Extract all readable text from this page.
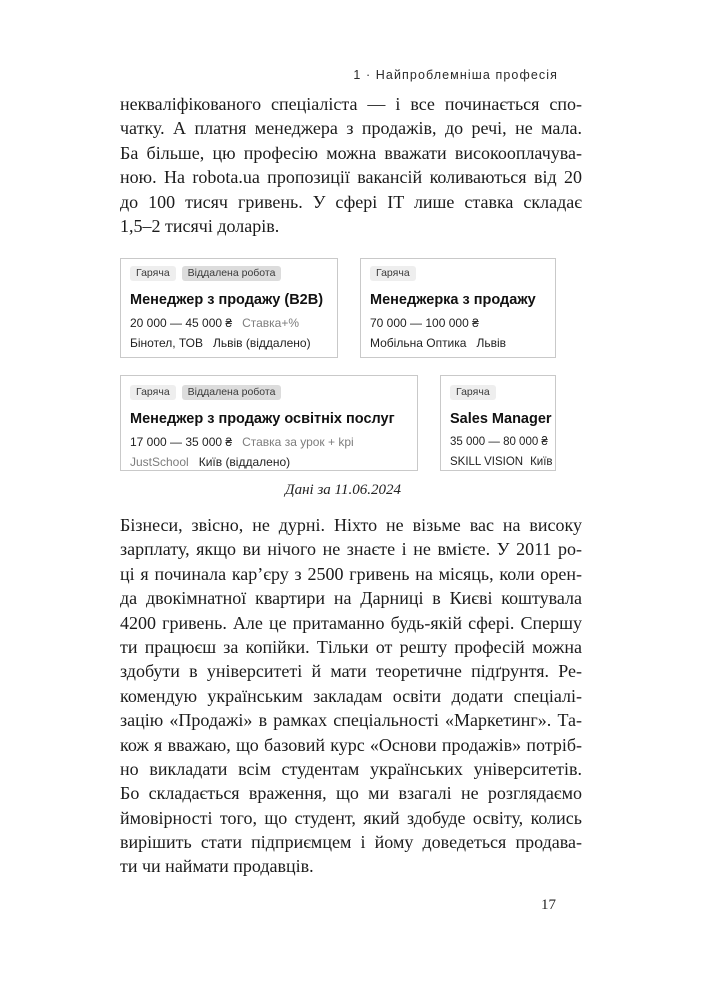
1 · Найпроблемніша професія
некваліфікованого спеціаліста — і все починається спо-
чатку. А платня менеджера з продажів, до речі, не мала.
Ба більше, цю професію можна вважати високооплачува-
ною. На robota.ua пропозиції вакансій коливаються від 20
до 100 тисяч гривень. У сфері IT лише ставка складає
1,5–2 тисячі доларів.
Гаряча	Віддалена робота
Менеджер з продажу (B2B)
20 000 — 45 000 ₴ Ставка+%
Бінотел, ТОВ Львів (віддалено)
Гаряча
Менеджерка з продажу
70 000 — 100 000 ₴
Мобільна Оптика Львів
Гаряча	Віддалена робота
Менеджер з продажу освітніх послуг
17 000 — 35 000 ₴ Ставка за урок + kpi
JustSchool Київ (віддалено)
Гаряча
Sales Manager
35 000 — 80 000 ₴
SKILL VISION Київ
Дані за 11.06.2024
Бізнеси, звісно, не дурні. Ніхто не візьме вас на високу
зарплату, якщо ви нічого не знаєте і не вмієте. У 2011 ро-
ці я починала кар’єру з 2500 гривень на місяць, коли орен-
да двокімнатної квартири на Дарниці в Києві коштувала
4200 гривень. Але це притаманно будь-якій сфері. Спершу
ти працюєш за копійки. Тільки от решту професій можна
здобути в університеті й мати теоретичне підґрунтя. Ре-
комендую українським закладам освіти додати спеціалі-
зацію «Продажі» в рамках спеціальності «Маркетинг». Та-
кож я вважаю, що базовий курс «Основи продажів» потріб-
но викладати всім студентам українських університетів.
Бо складається враження, що ми взагалі не розглядаємо
ймовірності того, що студент, який здобуде освіту, колись
вирішить стати підприємцем і йому доведеться продава-
ти чи наймати продавців.
17
